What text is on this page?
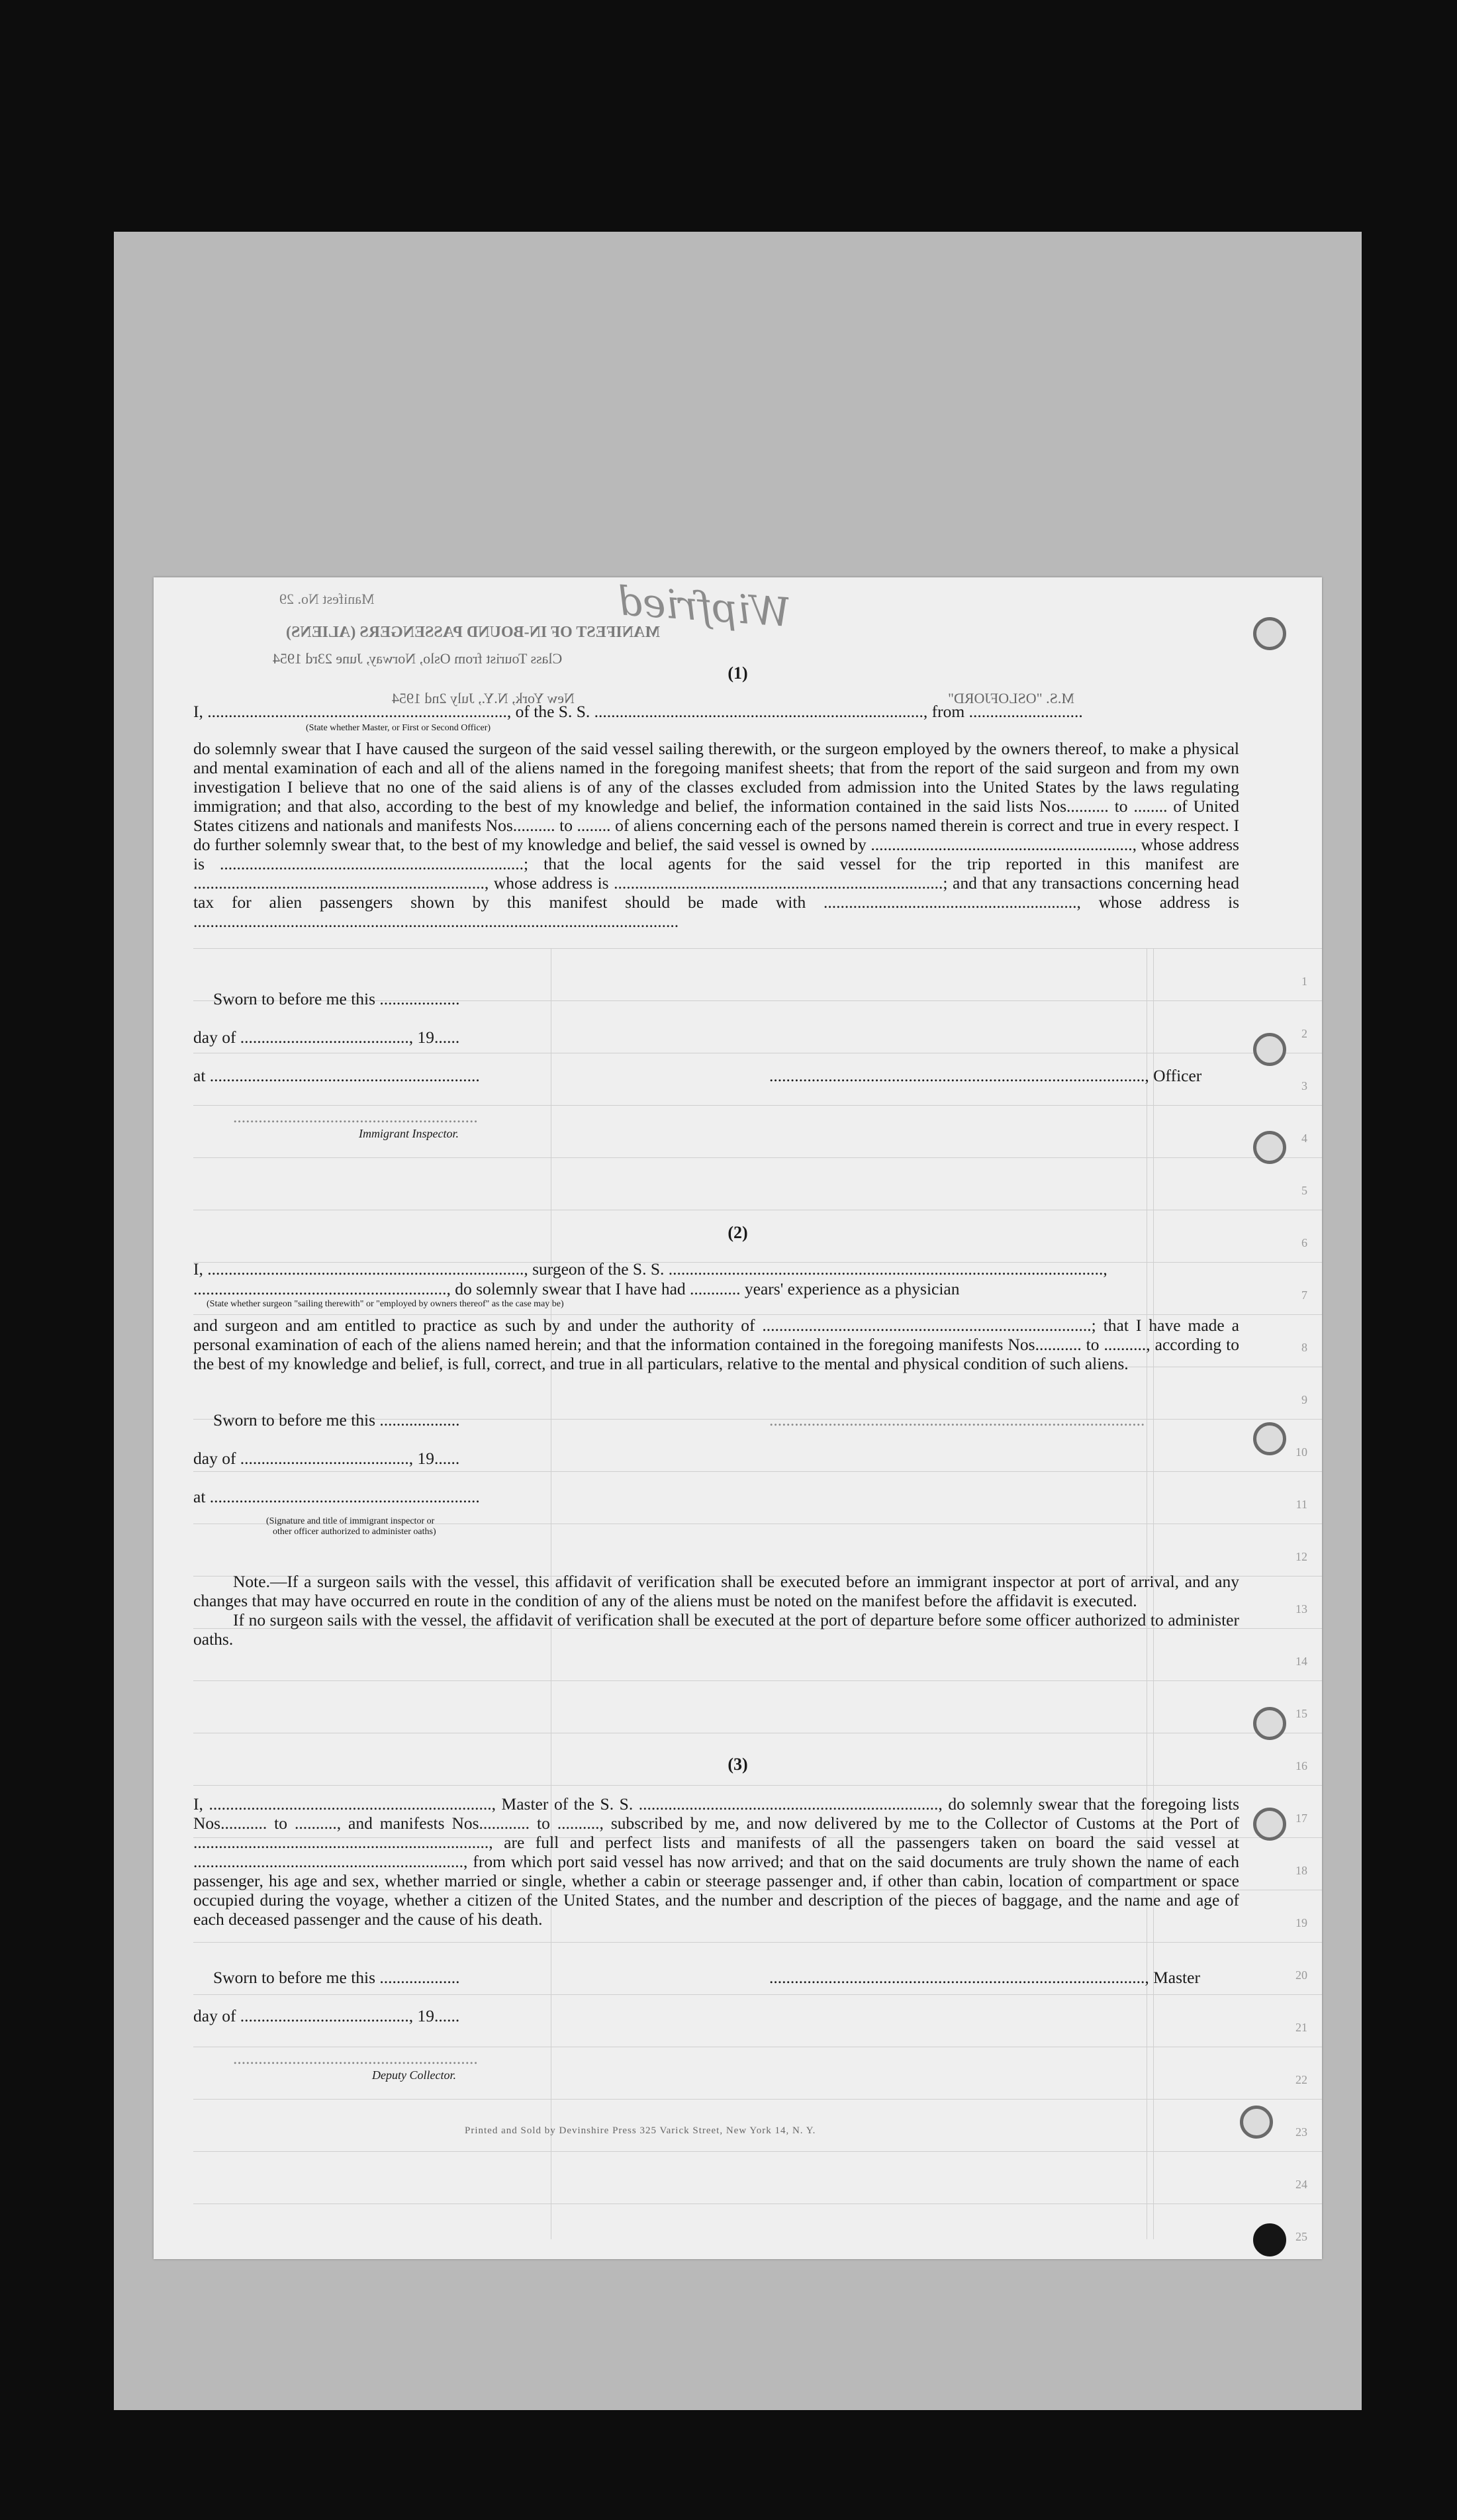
1
2
3
4
5
6
7
8
9
10
11
12
13
14
15
16
17
18
19
20
21
22
23
24
25
Wipfried
MANIFEST OF IN-BOUND PASSENGERS (ALIENS)
Manifest No. 29
Class Tourist from Oslo, Norway, June 23rd 1954
New York, N.Y., July 2nd 1954	M.S. "OSLOFJORD"
(1)
I, ......................................................................., of the S. S. .............................................................................., from ...........................
(State whether Master, or First or Second Officer)

do solemnly swear that I have caused the surgeon of the said vessel sailing therewith, or the surgeon employed by the owners thereof, to make a physical and mental examination of each and all of the aliens named in the foregoing manifest sheets; that from the report of the said surgeon and from my own investigation I believe that no one of the said aliens is of any of the classes excluded from admission into the United States by the laws regulating immigration; and that also, according to the best of my knowledge and belief, the information contained in the said lists Nos.......... to ........ of United States citizens and nationals and manifests Nos.......... to ........ of aliens concerning each of the persons named therein is correct and true in every respect. I do further solemnly swear that, to the best of my knowledge and belief, the said vessel is owned by .............................................................., whose address is ........................................................................; that the local agents for the said vessel for the trip reported in this manifest are ....................................................................., whose address is ..............................................................................; and that any transactions concerning head tax for alien passengers shown by this manifest should be made with ............................................................, whose address is ...................................................................................................................

Sworn to before me this ...................
day of ........................................, 19......
at ................................................................	........................................................................................., Officer
..........................................................
Immigrant Inspector.
(2)
I, ..........................................................................., surgeon of the S. S. .......................................................................................................,
............................................................, do solemnly swear that I have had ............ years' experience as a physician
(State whether surgeon "sailing therewith" or "employed by owners thereof" as the case may be)

and surgeon and am entitled to practice as such by and under the authority of ..............................................................................; that I have made a personal examination of each of the aliens named herein; and that the information contained in the foregoing manifests Nos........... to .........., according to the best of my knowledge and belief, is full, correct, and true in all particulars, relative to the mental and physical condition of such aliens.

Sworn to before me this ...................	.........................................................................................
day of ........................................, 19......
at ................................................................
(Signature and title of immigrant inspector or
other officer authorized to administer oaths)

Note.—If a surgeon sails with the vessel, this affidavit of verification shall be executed before an immigrant inspector at port of arrival, and any changes that may have occurred en route in the condition of any of the aliens must be noted on the manifest before the affidavit is executed.

If no surgeon sails with the vessel, the affidavit of verification shall be executed at the port of departure before some officer authorized to administer oaths.

(3)

I, ..................................................................., Master of the S. S. ......................................................................., do solemnly swear that the foregoing lists Nos........... to .........., and manifests Nos............ to .........., subscribed by me, and now delivered by me to the Collector of Customs at the Port of ......................................................................, are full and perfect lists and manifests of all the passengers taken on board the said vessel at ................................................................, from which port said vessel has now arrived; and that on the said documents are truly shown the name of each passenger, his age and sex, whether married or single, whether a cabin or steerage passenger and, if other than cabin, location of compartment or space occupied during the voyage, whether a citizen of the United States, and the number and description of the pieces of baggage, and the name and age of each deceased passenger and the cause of his death.

Sworn to before me this ...................	........................................................................................., Master
day of ........................................, 19......
..........................................................
Deputy Collector.
Printed and Sold by Devinshire Press 325 Varick Street, New York 14, N. Y.
